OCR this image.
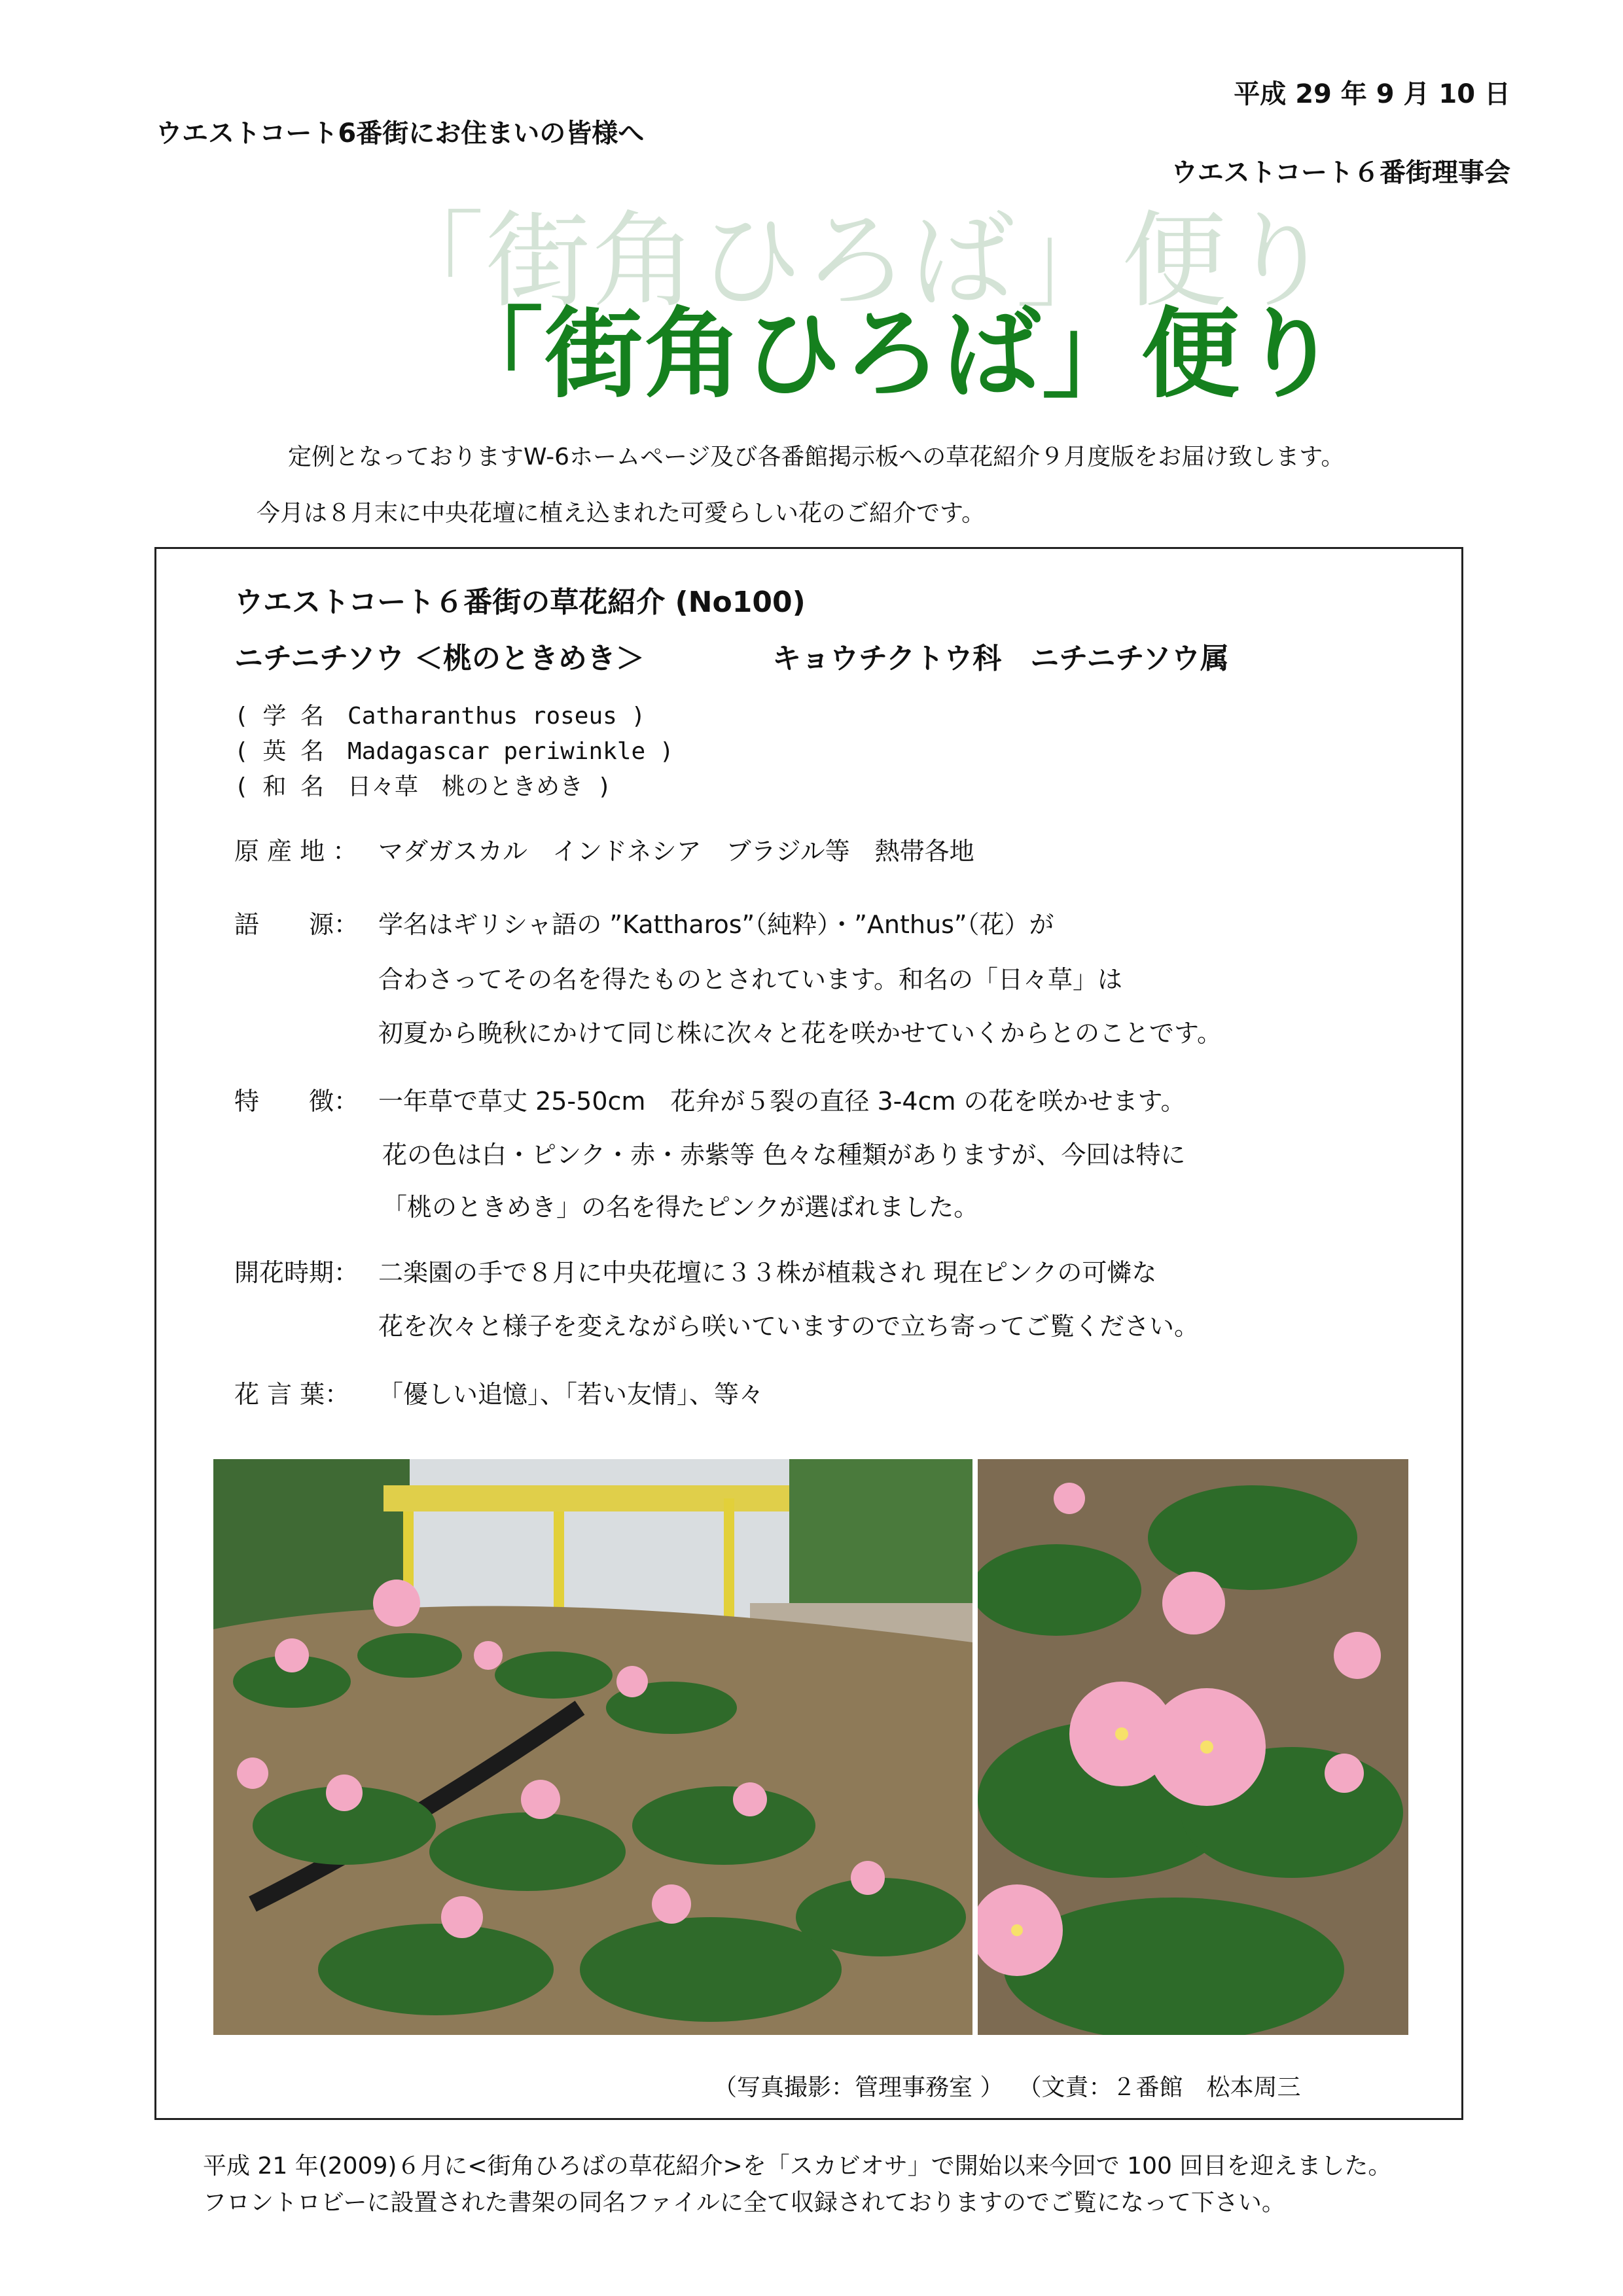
平成 29 年 9 月 10 日
ウエストコート6番街にお住まいの皆様へ
ウエストコート６番街理事会
「街角ひろば」便り
「街角ひろば」便り
定例となっておりますW-6ホームページ及び各番館掲示板への草花紹介９月度版をお届け致します。
今月は８月末に中央花壇に植え込まれた可愛らしい花のご紹介です。
ウエストコート６番街の草花紹介 (No100)
ニチニチソウ ＜桃のときめき＞	キョウチクトウ科　ニチニチソウ属
( 学 名　Catharanthus roseus )
( 英 名　Madagascar periwinkle )
( 和 名　日々草　桃のときめき )
原 産 地 ： マダガスカル　インドネシア　ブラジル等　熱帯各地
語　　源： 学名はギリシャ語の ”Kattharos”（純粋）・”Anthus”（花）が
合わさってその名を得たものとされています。和名の「日々草」は
初夏から晩秋にかけて同じ株に次々と花を咲かせていくからとのことです。
特　　徴： 一年草で草丈 25-50cm　花弁が５裂の直径 3-4cm の花を咲かせます。
花の色は白・ピンク・赤・赤紫等 色々な種類がありますが、今回は特に
「桃のときめき」の名を得たピンクが選ばれました。
開花時期： 二楽園の手で８月に中央花壇に３３株が植栽され 現在ピンクの可憐な
花を次々と様子を変えながら咲いていますので立ち寄ってご覧ください。
花 言 葉： 「優しい追憶」、「若い友情」、等々
（写真撮影：管理事務室 ） （文責：２番館　松本周三
平成 21 年(2009)６月に<街角ひろばの草花紹介>を「スカビオサ」で開始以来今回で 100 回目を迎えました。
フロントロビーに設置された書架の同名ファイルに全て収録されておりますのでご覧になって下さい。
